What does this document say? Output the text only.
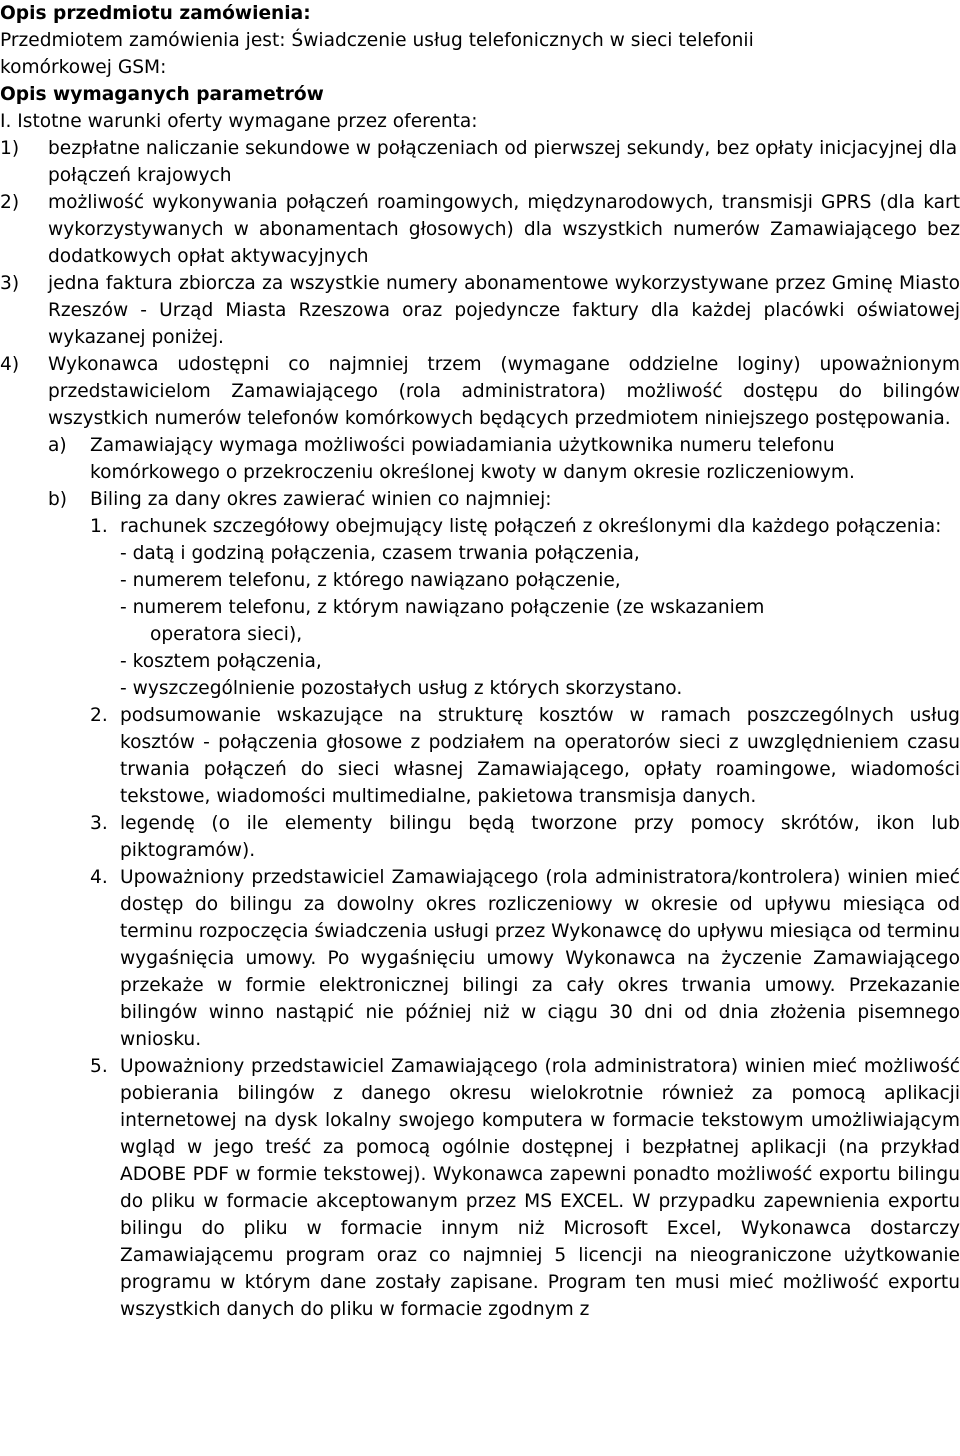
Opis przedmiotu zamówienia:

Przedmiotem zamówienia jest: Świadczenie usług telefonicznych w sieci telefonii

komórkowej GSM:

Opis wymaganych parametrów

I. Istotne warunki oferty wymagane przez oferenta:

1) bezpłatne naliczanie sekundowe w połączeniach od pierwszej sekundy, bez opłaty inicjacyjnej dla połączeń krajowych

2) możliwość wykonywania połączeń roamingowych, międzynarodowych, transmisji GPRS (dla kart wykorzystywanych w abonamentach głosowych) dla wszystkich numerów Zamawiającego bez dodatkowych opłat aktywacyjnych

3) jedna faktura zbiorcza za wszystkie numery abonamentowe wykorzystywane przez Gminę Miasto Rzeszów - Urząd Miasta Rzeszowa oraz pojedyncze faktury dla każdej placówki oświatowej wykazanej poniżej.

4) Wykonawca udostępni co najmniej trzem (wymagane oddzielne loginy) upoważnionym przedstawicielom Zamawiającego (rola administratora) możliwość dostępu do bilingów wszystkich numerów telefonów komórkowych będących przedmiotem niniejszego postępowania.

a) Zamawiający wymaga możliwości powiadamiania użytkownika numeru telefonu komórkowego o przekroczeniu określonej kwoty w danym okresie rozliczeniowym.

b) Biling za dany okres zawierać winien co najmniej:

1. rachunek szczegółowy obejmujący listę połączeń z określonymi dla każdego połączenia:

- datą i godziną połączenia, czasem trwania połączenia,

- numerem telefonu, z którego nawiązano połączenie,

- numerem telefonu, z którym nawiązano połączenie (ze wskazaniem

operatora sieci),

- kosztem połączenia,

- wyszczególnienie pozostałych usług z których skorzystano.

2. podsumowanie wskazujące na strukturę kosztów w ramach poszczególnych usług kosztów - połączenia głosowe z podziałem na operatorów sieci z uwzględnieniem czasu trwania połączeń do sieci własnej Zamawiającego, opłaty roamingowe, wiadomości tekstowe, wiadomości multimedialne, pakietowa transmisja danych.

3. legendę (o ile elementy bilingu będą tworzone przy pomocy skrótów, ikon lub piktogramów).

4. Upoważniony przedstawiciel Zamawiającego (rola administratora/kontrolera) winien mieć dostęp do bilingu za dowolny okres rozliczeniowy w okresie od upływu miesiąca od terminu rozpoczęcia świadczenia usługi przez Wykonawcę do upływu miesiąca od terminu wygaśnięcia umowy. Po wygaśnięciu umowy Wykonawca na życzenie Zamawiającego przekaże w formie elektronicznej bilingi za cały okres trwania umowy. Przekazanie bilingów winno nastąpić nie później niż w ciągu 30 dni od dnia złożenia pisemnego wniosku.

5. Upoważniony przedstawiciel Zamawiającego (rola administratora) winien mieć możliwość pobierania bilingów z danego okresu wielokrotnie również za pomocą aplikacji internetowej na dysk lokalny swojego komputera w formacie tekstowym umożliwiającym wgląd w jego treść za pomocą ogólnie dostępnej i bezpłatnej aplikacji (na przykład ADOBE PDF w formie tekstowej). Wykonawca zapewni ponadto możliwość exportu bilingu do pliku w formacie akceptowanym przez MS EXCEL. W przypadku zapewnienia exportu bilingu do pliku w formacie innym niż Microsoft Excel, Wykonawca dostarczy Zamawiającemu program oraz co najmniej 5 licencji na nieograniczone użytkowanie programu w którym dane zostały zapisane. Program ten musi mieć możliwość exportu wszystkich danych do pliku w formacie zgodnym z
